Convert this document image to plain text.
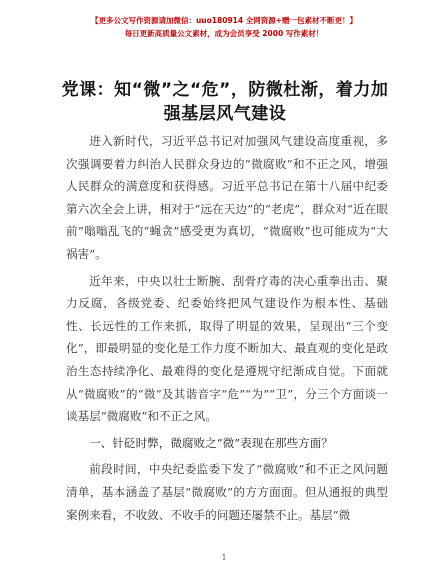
【更多公文写作资源请加微信：uuo180914 全网资源+赠一包素材不断更！】
每日更新高质量公文素材，成为会员享受 2000 写作素材！
党课：知“微”之“危”，防微杜渐，着力加强基层风气建设

进入新时代，习近平总书记对加强风气建设高度重视，多次强调要着力纠治人民群众身边的“微腐败”和不正之风，增强人民群众的满意度和获得感。习近平总书记在第十八届中纪委第六次全会上讲，相对于“远在天边”的“老虎”，群众对“近在眼前”嗡嗡乱飞的“蝇贪”感受更为真切，“微腐败”也可能成为“大祸害”。

近年来，中央以壮士断腕、刮骨疗毒的决心重拳出击、聚力反腐，各级党委、纪委始终把风气建设作为根本性、基础性、长远性的工作来抓，取得了明显的效果，呈现出“三个变化”，即最明显的变化是工作力度不断加大、最直观的变化是政治生态持续净化、最难得的变化是遵规守纪渐成自觉。下面就从“微腐败”的“微”及其谐音字“危”“为”“卫”，分三个方面谈一谈基层“微腐败”和不正之风。

一、针砭时弊，微腐败之“微”表现在那些方面？

前段时间，中央纪委监委下发了“微腐败”和不正之风问题清单，基本涵盖了基层“微腐败”的方方面面。但从通报的典型案例来看，不收敛、不收手的问题还屡禁不止。基层“微

1
